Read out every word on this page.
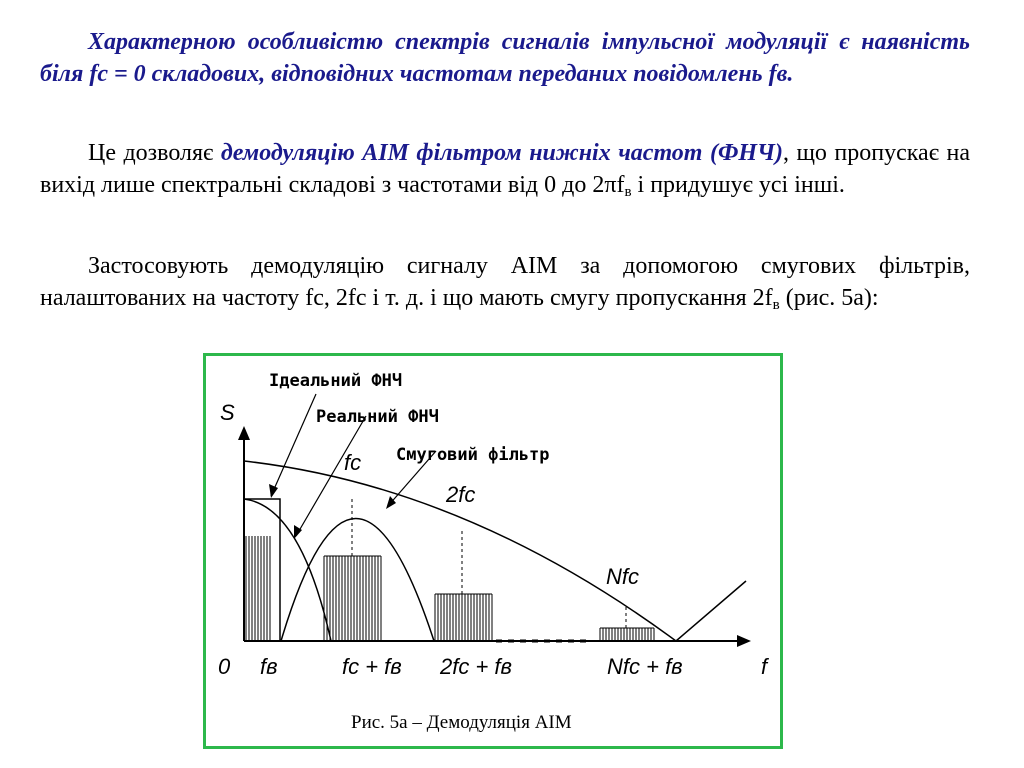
Характерною особливістю спектрів сигналів імпульсної модуляції є наявність біля fc = 0 складових, відповідних частотам переданих повідомлень fв.
Це дозволяє демодуляцію АІМ фільтром нижніх частот (ФНЧ), що пропускає на вихід лише спектральні складові з частотами від 0 до $2\pi f_в$ і придушує усі інші.
Застосовують демодуляцію сигналу АІМ за допомогою смугових фільтрів, налаштованих на частоту fc, 2fc і т. д. і що мають смугу пропускання $2f_в$ (рис. 5а):
Ідеальний ФНЧ
Реальний ФНЧ
Смуговий фільтр
S
fc
2fc
Nfc
0 fв	fc + fв 2fc + fв	Nfc + fв	f
Рис. 5а – Демодуляція АІМ
